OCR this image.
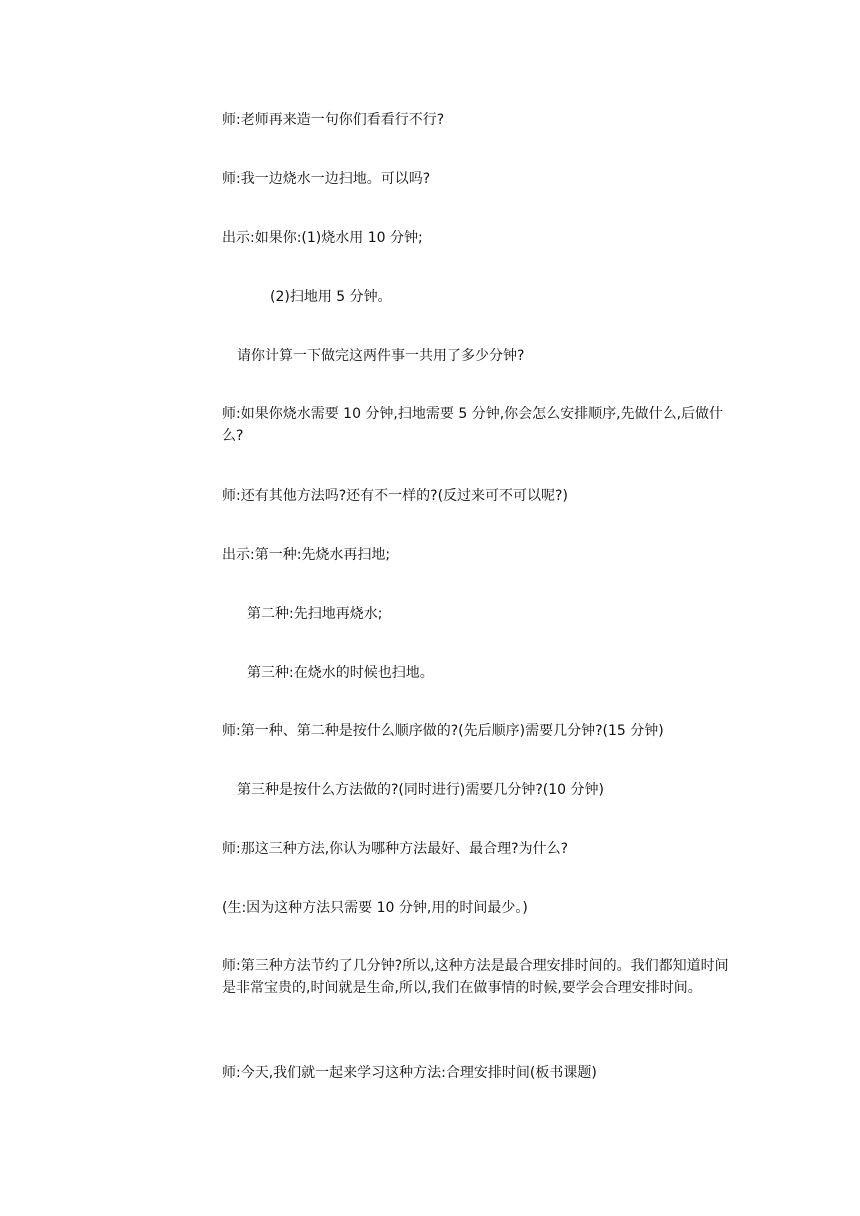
师:老师再来造一句你们看看行不行?

师:我一边烧水一边扫地。可以吗?

出示:如果你:(1)烧水用 10 分钟;

(2)扫地用 5 分钟。

请你计算一下做完这两件事一共用了多少分钟?

师:如果你烧水需要 10 分钟,扫地需要 5 分钟,你会怎么安排顺序,先做什么,后做什么?

师:还有其他方法吗?还有不一样的?(反过来可不可以呢?)

出示:第一种:先烧水再扫地;

第二种:先扫地再烧水;

第三种:在烧水的时候也扫地。

师:第一种、第二种是按什么顺序做的?(先后顺序)需要几分钟?(15 分钟)

第三种是按什么方法做的?(同时进行)需要几分钟?(10 分钟)

师:那这三种方法,你认为哪种方法最好、最合理?为什么?

(生:因为这种方法只需要 10 分钟,用的时间最少。)

师:第三种方法节约了几分钟?所以,这种方法是最合理安排时间的。我们都知道时间是非常宝贵的,时间就是生命,所以,我们在做事情的时候,要学会合理安排时间。

师:今天,我们就一起来学习这种方法:合理安排时间(板书课题)
